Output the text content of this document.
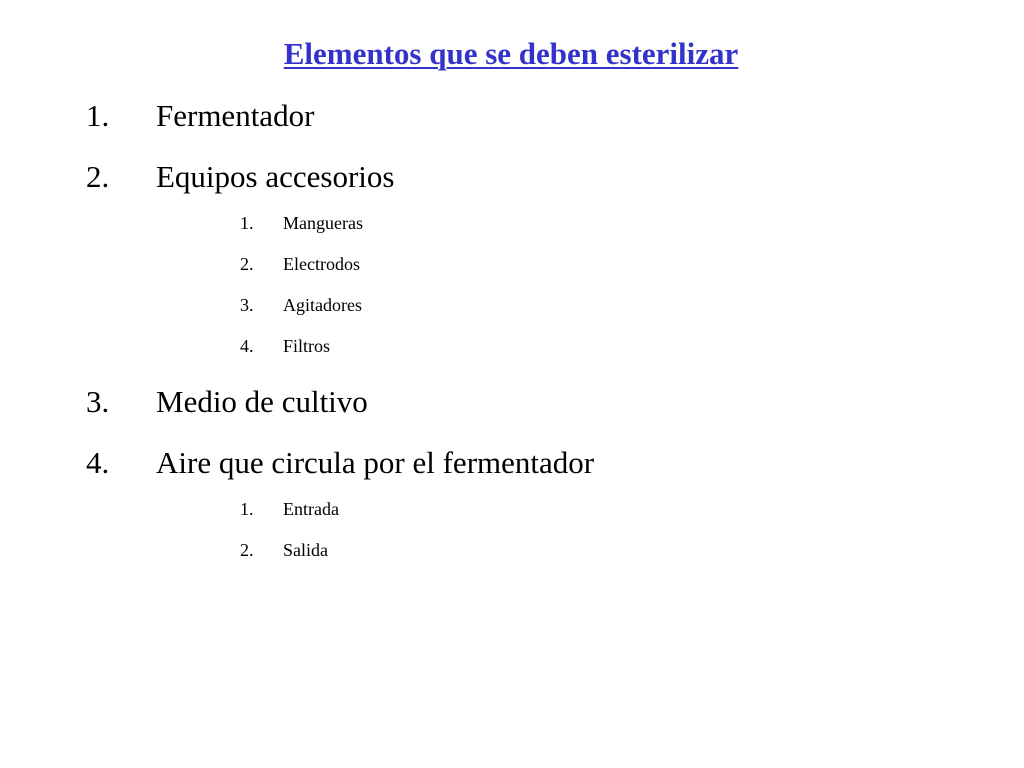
Elementos que se deben esterilizar
1.	Fermentador
2.	Equipos accesorios
1.	Mangueras
2.	Electrodos
3.	Agitadores
4.	Filtros
3.	Medio de cultivo
4.	Aire que circula por el fermentador
1.	Entrada
2.	Salida
